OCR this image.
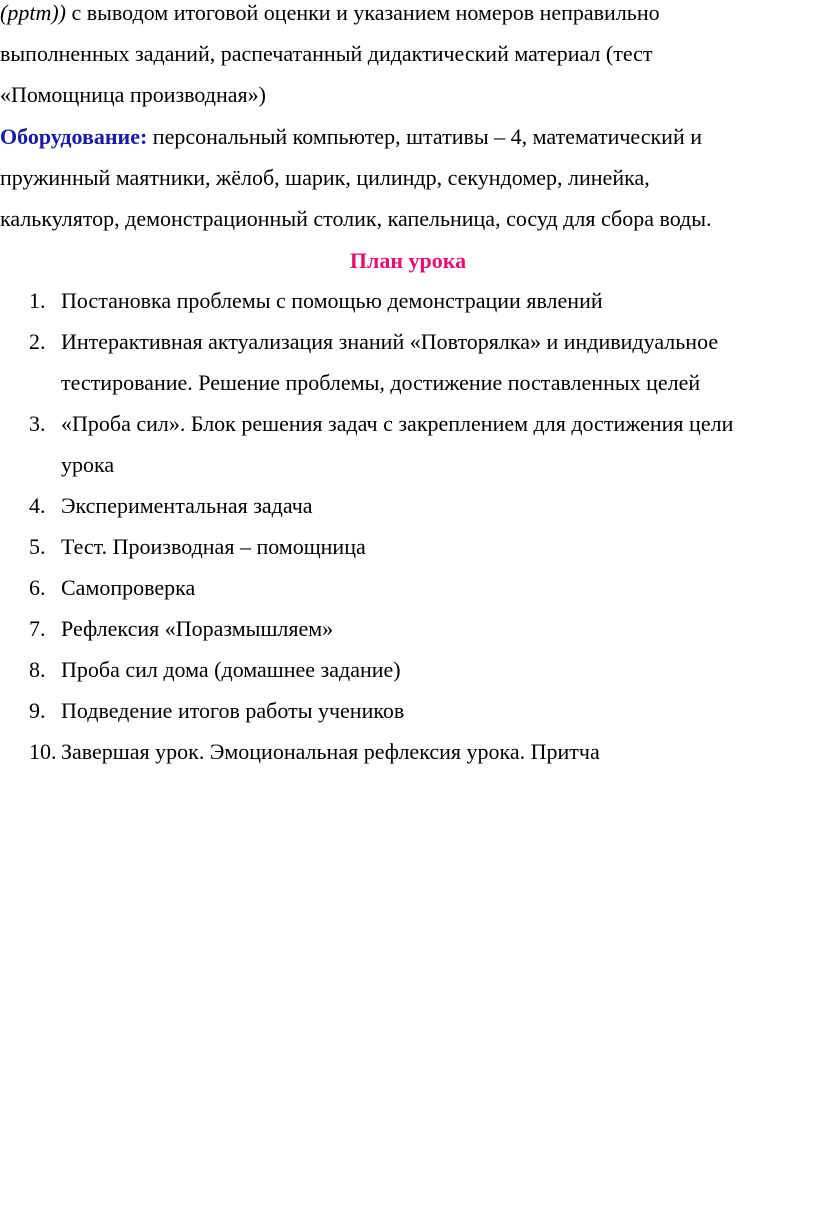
(pptm)) с выводом итоговой оценки и указанием номеров неправильно
выполненных заданий, распечатанный дидактический материал (тест
«Помощница производная»)
Оборудование: персональный компьютер, штативы – 4, математический и
пружинный маятники, жёлоб, шарик, цилиндр, секундомер, линейка,
калькулятор, демонстрационный столик, капельница, сосуд для сбора воды.
План урока
1. Постановка проблемы с помощью демонстрации явлений
2. Интерактивная актуализация знаний «Повторялка» и индивидуальное
тестирование. Решение проблемы, достижение поставленных целей
3. «Проба сил». Блок решения задач с закреплением для достижения цели
урока
4. Экспериментальная задача
5. Тест. Производная – помощница
6. Самопроверка
7. Рефлексия «Поразмышляем»
8. Проба сил дома (домашнее задание)
9. Подведение итогов работы учеников
10. Завершая урок. Эмоциональная рефлексия урока. Притча
